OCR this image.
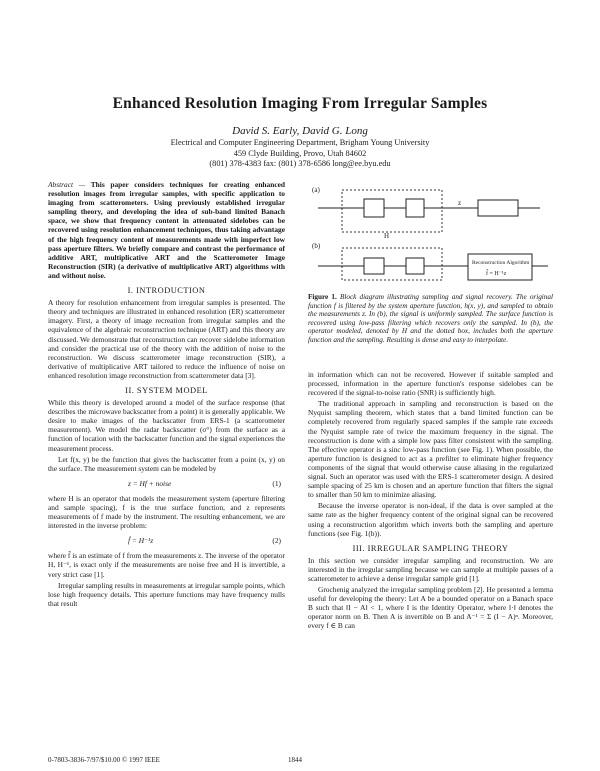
Enhanced Resolution Imaging From Irregular Samples
David S. Early, David G. Long
Electrical and Computer Engineering Department, Brigham Young University
459 Clyde Building, Provo, Utah 84602
(801) 378-4383 fax: (801) 378-6586 long@ee.byu.edu

Abstract — This paper considers techniques for creating enhanced resolution images from irregular samples, with specific application to imaging from scatterometers. Using previously established irregular sampling theory, and developing the idea of sub-band limited Banach space, we show that frequency content in attenuated sidelobes can be recovered using resolution enhancement techniques, thus taking advantage of the high frequency content of measurements made with imperfect low pass aperture filters. We briefly compare and contrast the performance of additive ART, multiplicative ART and the Scatterometer Image Reconstruction (SIR) (a derivative of multiplicative ART) algorithms with and without noise.

I. INTRODUCTION

A theory for resolution enhancement from irregular samples is presented. The theory and techniques are illustrated in enhanced resolution (ER) scatterometer imagery. First, a theory of image recreation from irregular samples and the equivalence of the algebraic reconstruction technique (ART) and this theory are discussed. We demonstrate that reconstruction can recover sidelobe information and consider the practical use of the theory with the addition of noise to the reconstruction. We discuss scatterometer image reconstruction (SIR), a derivative of multiplicative ART tailored to reduce the influence of noise on enhanced resolution image reconstruction from scatterometer data [3].

II. SYSTEM MODEL

While this theory is developed around a model of the surface response (that describes the microwave backscatter from a point) it is generally applicable. We desire to make images of the backscatter from ERS-1 (a scatterometer measurement). We model the radar backscatter (σ°) from the surface as a function of location with the backscatter function and the signal experiences the measurement process.

Let f(x, y) be the function that gives the backscatter from a point (x, y) on the surface. The measurement system can be modeled by

z = Hf + noise	(1)

where H is an operator that models the measurement system (aperture filtering and sample spacing), f is the true surface function, and z represents measurements of f made by the instrument. The resulting enhancement, we are interested in the inverse problem:

f̂ = H⁻¹z	(2)

where f̂ is an estimate of f from the measurements z. The inverse of the operator H, H⁻¹, is exact only if the measurements are noise free and H is invertible, a very strict case [1].

Irregular sampling results in measurements at irregular sample points, which lose high frequency details. This aperture functions may have frequency nulls that result

(a)
z
H
(b)
Reconstruction Algorithm
f̂ = H⁻¹z
Figure 1. Block diagram illustrating sampling and signal recovery. The original function f is filtered by the system aperture function, h(x, y), and sampled to obtain the measurements z. In (b), the signal is uniformly sampled. The surface function is recovered using low-pass filtering which recovers only the sampled. In (b), the operator modeled, denoted by H and the dotted box, includes both the aperture function and the sampling. Resulting is dense and easy to interpolate.

in information which can not be recovered. However if suitable sampled and processed, information in the aperture function's response sidelobes can be recovered if the signal-to-noise ratio (SNR) is sufficiently high.

The traditional approach in sampling and reconstruction is based on the Nyquist sampling theorem, which states that a band limited function can be completely recovered from regularly spaced samples if the sample rate exceeds the Nyquist sample rate of twice the maximum frequency in the signal. The reconstruction is done with a simple low pass filter consistent with the sampling. The effective operator is a sinc low-pass function (see Fig. 1). When possible, the aperture function is designed to act as a prefilter to eliminate higher frequency components of the signal that would otherwise cause aliasing in the regularized signal. Such an operator was used with the ERS-1 scatterometer design. A desired sample spacing of 25 km is chosen and an aperture function that filters the signal to smaller than 50 km to minimize aliasing.

Because the inverse operator is non-ideal, if the data is over sampled at the same rate as the higher frequency content of the original signal can be recovered using a reconstruction algorithm which inverts both the sampling and aperture functions (see Fig. 1(b)).

III. IRREGULAR SAMPLING THEORY

In this section we consider irregular sampling and reconstruction. We are interested in the irregular sampling because we can sample at multiple passes of a scatterometer to achieve a dense irregular sample grid [1].

Grochenig analyzed the irregular sampling problem [2]. He presented a lemma useful for developing the theory: Let A be a bounded operator on a Banach space B such that ‖I − A‖ < 1, where I is the Identity Operator, where ‖·‖ denotes the operator norm on B. Then A is invertible on B and A⁻¹ = Σ (I − A)ⁿ. Moreover, every f ∈ B can

0-7803-3836-7/97/$10.00 © 1997 IEEE	1844
